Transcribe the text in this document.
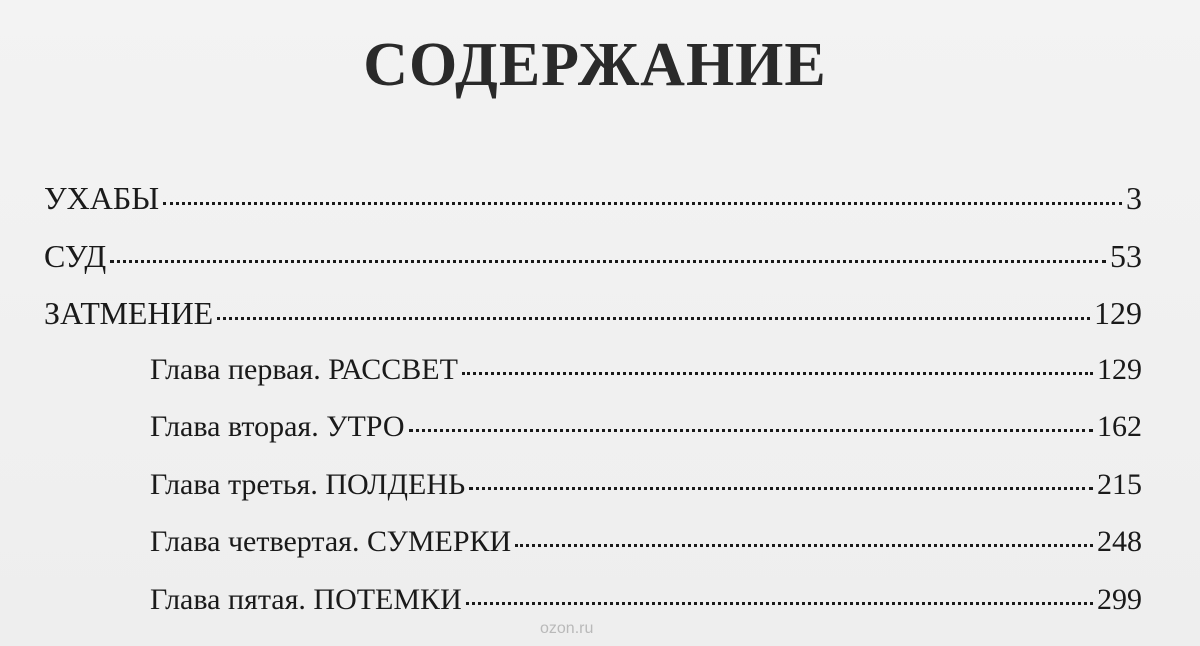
СОДЕРЖАНИЕ
УХАБЫ	3
СУД	53
ЗАТМЕНИЕ	129
Глава первая. РАССВЕТ	129
Глава вторая. УТРО	162
Глава третья. ПОЛДЕНЬ	215
Глава четвертая. СУМЕРКИ	248
Глава пятая. ПОТЕМКИ	299
ozon.ru
